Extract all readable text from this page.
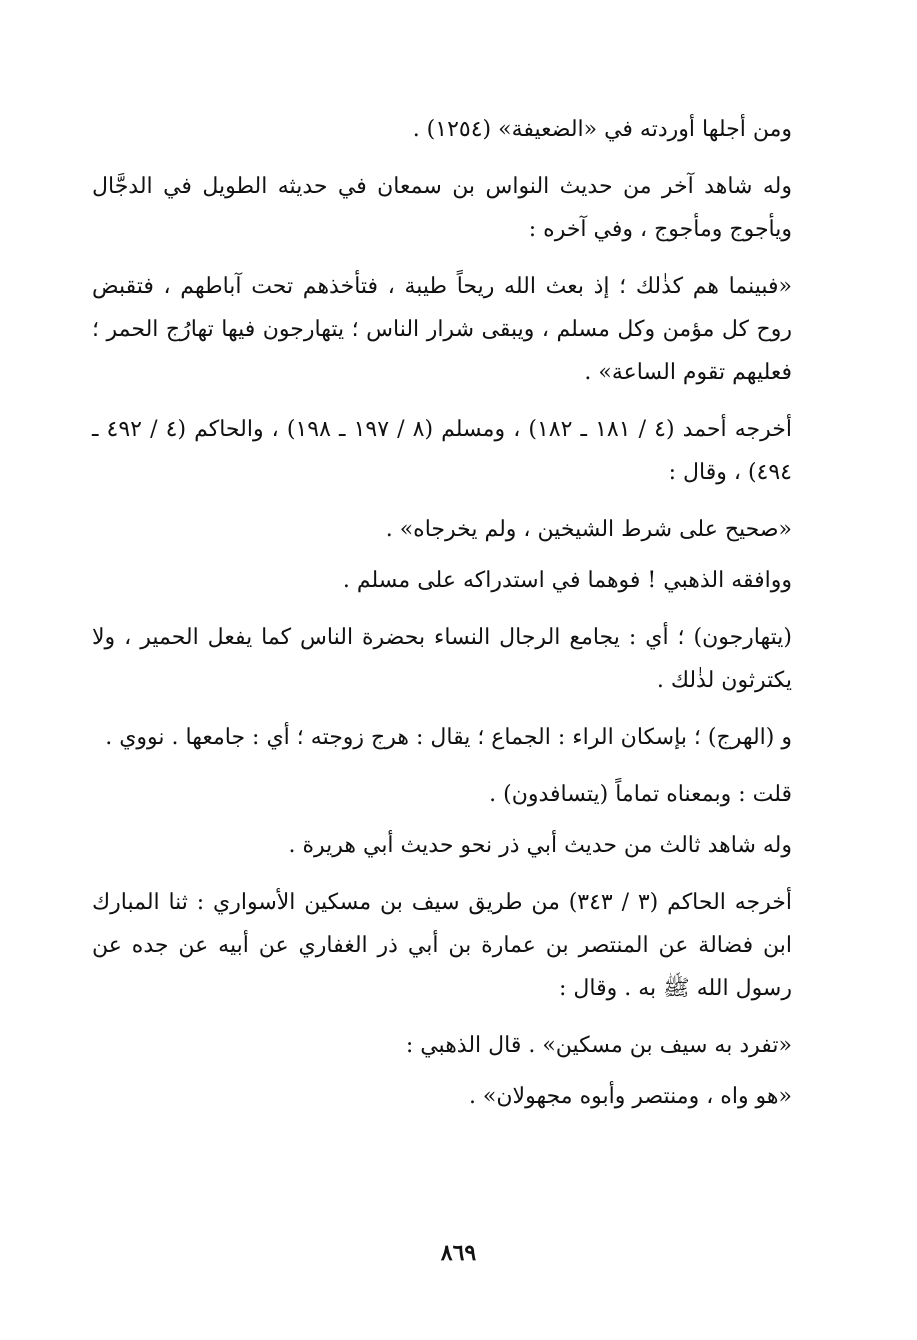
ومن أجلها أوردته في «الضعيفة» (١٢٥٤) .

وله شاهد آخر من حديث النواس بن سمعان في حديثه الطويل في الدجَّال ويأجوج ومأجوج ، وفي آخره :

«فبينما هم كذٰلك ؛ إذ بعث الله ريحاً طيبة ، فتأخذهم تحت آباطهم ، فتقبض روح كل مؤمن وكل مسلم ، ويبقى شرار الناس ؛ يتهارجون فيها تهارُج الحمر ؛ فعليهم تقوم الساعة» .

أخرجه أحمد (٤ / ١٨١ ـ ١٨٢) ، ومسلم (٨ / ١٩٧ ـ ١٩٨) ، والحاكم (٤ / ٤٩٢ ـ ٤٩٤) ، وقال :

«صحيح على شرط الشيخين ، ولم يخرجاه» .

ووافقه الذهبي ! فوهما في استدراكه على مسلم .

(يتهارجون) ؛ أي : يجامع الرجال النساء بحضرة الناس كما يفعل الحمير ، ولا يكترثون لذٰلك .

و (الهرج) ؛ بإسكان الراء : الجماع ؛ يقال : هرج زوجته ؛ أي : جامعها . نووي .

قلت : وبمعناه تماماً (يتسافدون) .

وله شاهد ثالث من حديث أبي ذر نحو حديث أبي هريرة .

أخرجه الحاكم (٣ / ٣٤٣) من طريق سيف بن مسكين الأسواري : ثنا المبارك ابن فضالة عن المنتصر بن عمارة بن أبي ذر الغفاري عن أبيه عن جده عن رسول الله ﷺ به . وقال :

«تفرد به سيف بن مسكين» . قال الذهبي :

«هو واه ، ومنتصر وأبوه مجهولان» .

٨٦٩
